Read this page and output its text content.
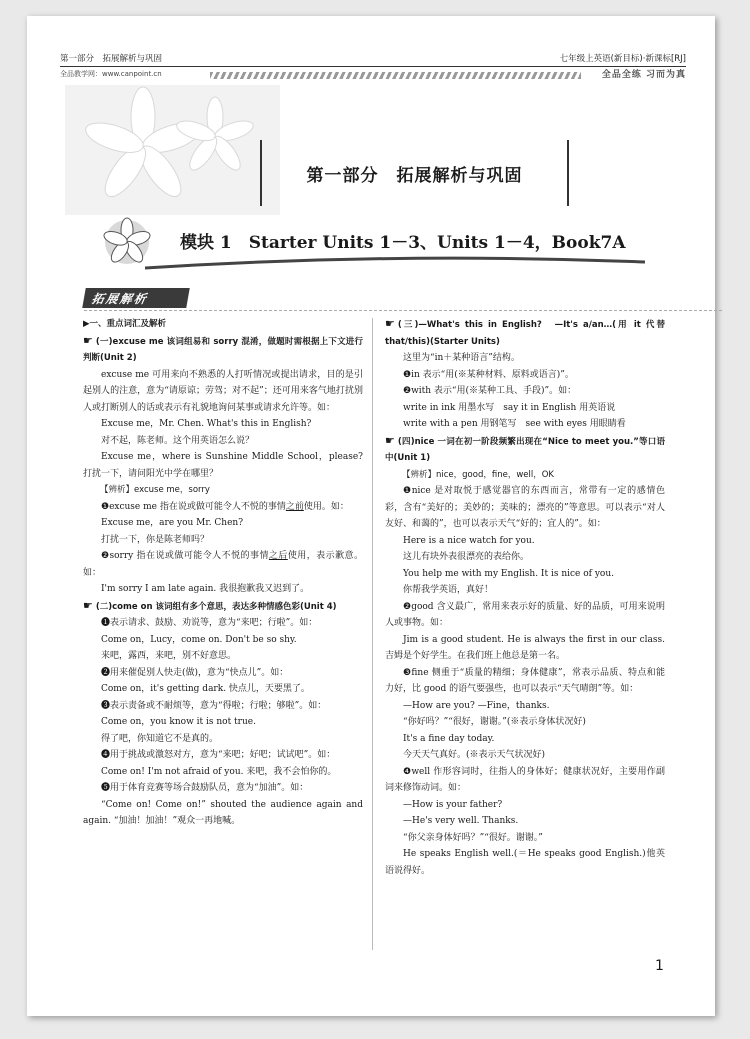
第一部分　拓展解析与巩固
全品教学网：www.canpoint.cn
七年级上英语(新目标)·新课标[RJ]
全品全练 习而为真
第一部分　拓展解析与巩固
模块 1　Starter Units 1－3、Units 1－4，Book7A
拓展解析

▶一、重点词汇及解析

☛ (一)excuse me 该词组易和 sorry 混淆，做题时需根据上下文进行判断(Unit 2)

excuse me 可用来向不熟悉的人打听情况或提出请求，目的是引起别人的注意，意为“请原谅；劳驾；对不起”；还可用来客气地打扰别人或打断别人的话或表示有礼貌地询问某事或请求允许等。如：

Excuse me，Mr. Chen. What's this in English?

对不起，陈老师。这个用英语怎么说？

Excuse me，where is Sunshine Middle School，please? 打扰一下，请问阳光中学在哪里？

【辨析】excuse me，sorry

❶excuse me 指在说或做可能令人不悦的事情之前使用。如：

Excuse me，are you Mr. Chen?

打扰一下，你是陈老师吗？

❷sorry 指在说或做可能令人不悦的事情之后使用，表示歉意。如：

I'm sorry I am late again. 我很抱歉我又迟到了。

☛ (二)come on 该词组有多个意思，表达多种情感色彩(Unit 4)

❶表示请求、鼓励、劝说等，意为“来吧；行啦”。如：

Come on，Lucy，come on. Don't be so shy.

来吧，露西，来吧，别不好意思。

❷用来催促别人快走(做)，意为“快点儿”。如：

Come on，it's getting dark. 快点儿，天要黑了。

❸表示责备或不耐烦等，意为“得啦；行啦；够啦”。如：

Come on，you know it is not true.

得了吧，你知道它不是真的。

❹用于挑战或激怒对方，意为“来吧；好吧；试试吧”。如：

Come on! I'm not afraid of you. 来吧，我不会怕你的。

❺用于体育竞赛等场合鼓励队员，意为“加油”。如：

“Come on! Come on!” shouted the audience again and again. “加油！加油！”观众一再地喊。

☛ (三)—What's this in English?　—It's a/an…(用 it 代替 that/this)(Starter Units)

这里为“in＋某种语言”结构。

❶in 表示“用(※某种材料、原料或语言)”。

❷with 表示“用(※某种工具、手段)”。如：

write in ink 用墨水写　say it in English 用英语说

write with a pen 用钢笔写　see with eyes 用眼睛看

☛ (四)nice 一词在初一阶段频繁出现在“Nice to meet you.”等口语中(Unit 1)

【辨析】nice，good，fine，well，OK

❶nice 是对取悦于感觉器官的东西而言，常带有一定的感情色彩，含有“美好的；美妙的；美味的；漂亮的”等意思。可以表示“对人友好、和蔼的”，也可以表示天气“好的；宜人的”。如：

Here is a nice watch for you.

这儿有块外表很漂亮的表给你。

You help me with my English. It is nice of you.

你帮我学英语，真好！

❷good 含义最广，常用来表示好的质量、好的品质，可用来说明人或事物。如：

Jim is a good student. He is always the first in our class. 吉姆是个好学生。在我们班上他总是第一名。

❸fine 侧重于“质量的精细；身体健康”，常表示品质、特点和能力好，比 good 的语气要强些，也可以表示“天气晴朗”等。如：

—How are you? —Fine，thanks.

“你好吗？”“很好，谢谢。”(※表示身体状况好)

It's a fine day today.

今天天气真好。(※表示天气状况好)

❹well 作形容词时，往指人的身体好；健康状况好，主要用作副词来修饰动词。如：

—How is your father?

—He's very well. Thanks.

“你父亲身体好吗？”“很好。谢谢。”

He speaks English well.(＝He speaks good English.)他英语说得好。

1
